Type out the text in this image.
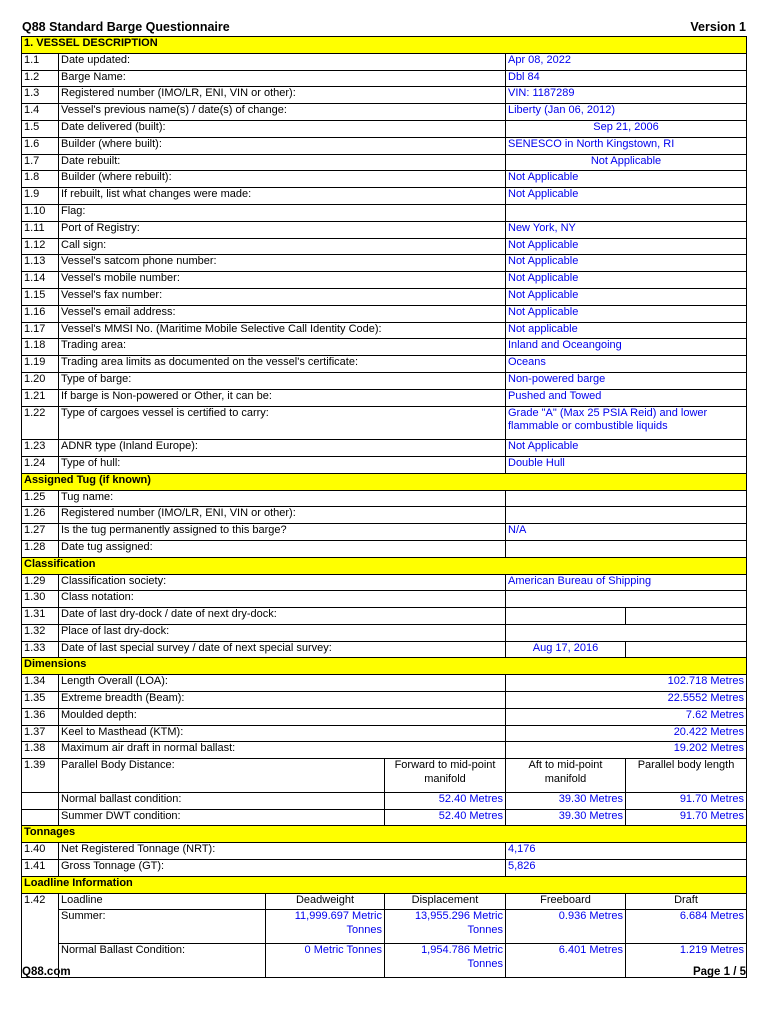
Q88 Standard Barge Questionnaire	Version 1
1. VESSEL DESCRIPTION					
1.1	Date updated:			Apr 08, 2022	
1.2	Barge Name:			Dbl 84	
1.3	Registered number (IMO/LR, ENI, VIN or other):			VIN: 1187289	
1.4	Vessel's previous name(s) / date(s) of change:			Liberty (Jan 06, 2012)	
1.5	Date delivered (built):			Sep 21, 2006	
1.6	Builder (where built):			SENESCO in North Kingstown, RI	
1.7	Date rebuilt:			Not Applicable	
1.8	Builder (where rebuilt):			Not Applicable	
1.9	If rebuilt, list what changes were made:			Not Applicable	
1.10	Flag:				
1.11	Port of Registry:			New York, NY	
1.12	Call sign:			Not Applicable	
1.13	Vessel's satcom phone number:			Not Applicable	
1.14	Vessel's mobile number:			Not Applicable	
1.15	Vessel's fax number:			Not Applicable	
1.16	Vessel's email address:			Not Applicable	
1.17	Vessel's MMSI No. (Maritime Mobile Selective Call Identity Code):			Not applicable	
1.18	Trading area:			Inland and Oceangoing	
1.19	Trading area limits as documented on the vessel's certificate:			Oceans	
1.20	Type of barge:			Non-powered barge	
1.21	If barge is Non-powered or Other, it can be:			Pushed and Towed	
1.22	Type of cargoes vessel is certified to carry:			Grade "A" (Max 25 PSIA Reid) and lower flammable or combustible liquids	
1.23	ADNR type (Inland Europe):			Not Applicable	
1.24	Type of hull:			Double Hull	
Assigned Tug (if known)					
1.25	Tug name:				
1.26	Registered number (IMO/LR, ENI, VIN or other):				
1.27	Is the tug permanently assigned to this barge?			N/A	
1.28	Date tug assigned:				
Classification					
1.29	Classification society:			American Bureau of Shipping	
1.30	Class notation:				
1.31	Date of last dry-dock / date of next dry-dock:				
1.32	Place of last dry-dock:				
1.33	Date of last special survey / date of next special survey:			Aug 17, 2016	
Dimensions					
1.34	Length Overall (LOA):			102.718 Metres	
1.35	Extreme breadth (Beam):			22.5552 Metres	
1.36	Moulded depth:			7.62 Metres	
1.37	Keel to Masthead (KTM):			20.422 Metres	
1.38	Maximum air draft in normal ballast:			19.202 Metres	
1.39	Parallel Body Distance:		Forward to mid-point manifold	Aft to mid-point manifold	Parallel body length
	Normal ballast condition:		52.40 Metres	39.30 Metres	91.70 Metres
	Summer DWT condition:		52.40 Metres	39.30 Metres	91.70 Metres
Tonnages					
1.40	Net Registered Tonnage (NRT):			4,176	
1.41	Gross Tonnage (GT):			5,826	
Loadline Information					
1.42	Loadline	Deadweight	Displacement	Freeboard	Draft
	Summer:	11,999.697 Metric Tonnes	13,955.296 Metric Tonnes	0.936 Metres	6.684 Metres
	Normal Ballast Condition:	0 Metric Tonnes	1,954.786 Metric Tonnes	6.401 Metres	1.219 Metres
Q88.com	Page 1 / 5
